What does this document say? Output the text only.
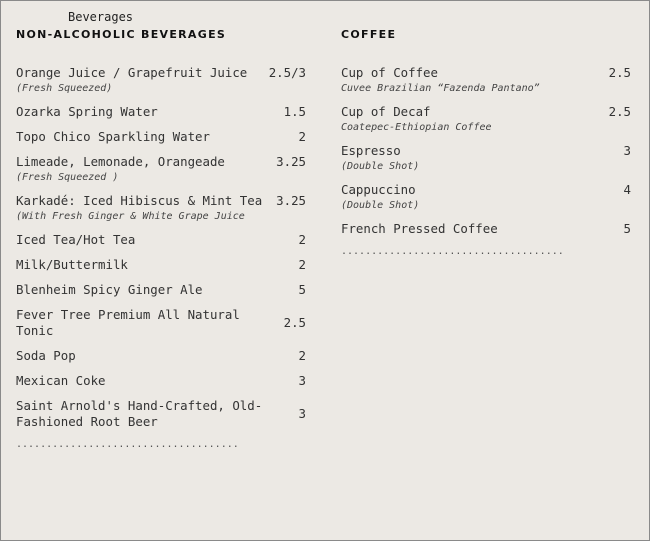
Beverages
NON-ALCOHOLIC BEVERAGES
Orange Juice / Grapefruit Juice	2.5/3
(Fresh Squeezed)
Ozarka Spring Water	1.5
Topo Chico Sparkling Water	2
Limeade, Lemonade, Orangeade	3.25
(Fresh Squeezed )
Karkadé: Iced Hibiscus & Mint Tea	3.25
(With Fresh Ginger & White Grape Juice
Iced Tea/Hot Tea	2
Milk/Buttermilk	2
Blenheim Spicy Ginger Ale	5
Fever Tree Premium All Natural Tonic
2.5
Soda Pop	2
Mexican Coke	3
Saint Arnold's Hand-Crafted, Old-Fashioned Root Beer
3
.....................................
COFFEE
Cup of Coffee	2.5
Cuvee Brazilian “Fazenda Pantano”
Cup of Decaf	2.5
Coatepec-Ethiopian Coffee
Espresso	3
(Double Shot)
Cappuccino	4
(Double Shot)
French Pressed Coffee	5
.....................................
